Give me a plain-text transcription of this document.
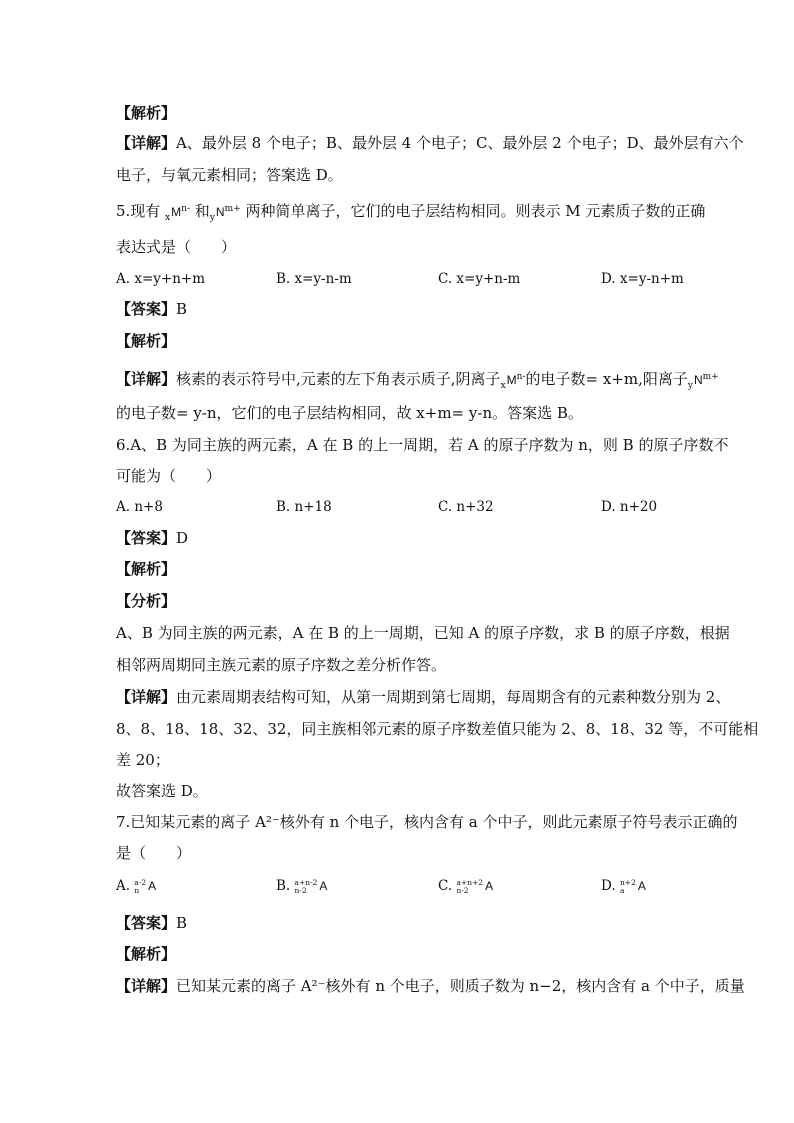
【解析】
【详解】A、最外层 8 个电子；B、最外层 4 个电子；C、最外层 2 个电子；D、最外层有六个
电子，与氧元素相同；答案选 D。
5.现有 $_xM^{n-}$ 和$_yN^{m+}$ 两种简单离子，它们的电子层结构相同。则表示 M 元素质子数的正确
表达式是（　　）
A. x=y+n+m	B. x=y-n-m	C. x=y+n-m	D. x=y-n+m
【答案】B
【解析】
【详解】核素的表示符号中,元素的左下角表示质子,阴离子$_xM^{n-}$的电子数= x+m,阳离子$_yN^{m+}$
的电子数= y-n，它们的电子层结构相同，故 x+m= y-n。答案选 B。
6.A、B 为同主族的两元素，A 在 B 的上一周期，若 A 的原子序数为 n，则 B 的原子序数不
可能为（　　）
A. n+8	B. n+18	C. n+32	D. n+20
【答案】D
【解析】
【分析】
A、B 为同主族的两元素，A 在 B 的上一周期，已知 A 的原子序数，求 B 的原子序数，根据
相邻两周期同主族元素的原子序数之差分析作答。
【详解】由元素周期表结构可知，从第一周期到第七周期，每周期含有的元素种数分别为 2、
8、8、18、18、32、32，同主族相邻元素的原子序数差值只能为 2、8、18、32 等，不可能相
差 20；
故答案选 D。
7.已知某元素的离子 A²⁻核外有 n 个电子，核内含有 a 个中子，则此元素原子符号表示正确的
是（　　）
A. a-2
n A	B. a+n-2
n-2	A	C. a+n+2
n-2	A	D. n+2
a	A
【答案】B
【解析】
【详解】已知某元素的离子 A²⁻核外有 n 个电子，则质子数为 n−2，核内含有 a 个中子，质量
